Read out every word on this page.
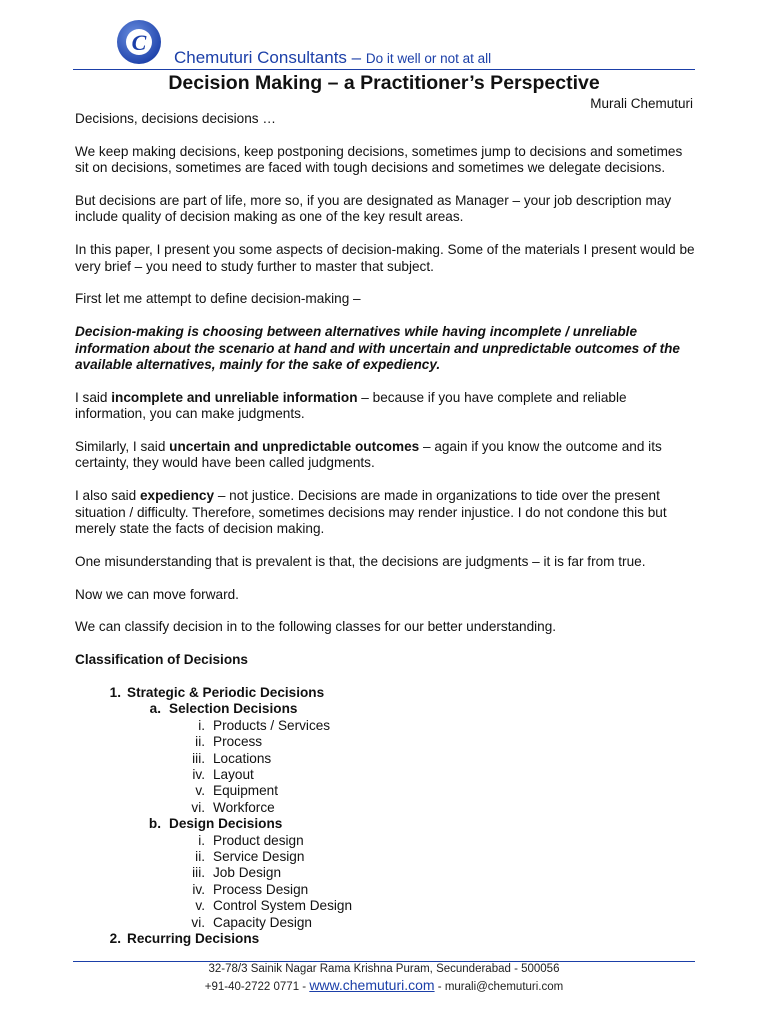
C
Chemuturi Consultants – Do it well or not at all
Decision Making – a Practitioner’s Perspective
Murali Chemuturi

Decisions, decisions decisions …

We keep making decisions, keep postponing decisions, sometimes jump to decisions and sometimes sit on decisions, sometimes are faced with tough decisions and sometimes we delegate decisions.

But decisions are part of life, more so, if you are designated as Manager – your job description may include quality of decision making as one of the key result areas.

In this paper, I present you some aspects of decision-making. Some of the materials I present would be very brief – you need to study further to master that subject.

First let me attempt to define decision-making –

Decision-making is choosing between alternatives while having incomplete / unreliable information about the scenario at hand and with uncertain and unpredictable outcomes of the available alternatives, mainly for the sake of expediency.

I said incomplete and unreliable information – because if you have complete and reliable information, you can make judgments.

Similarly, I said uncertain and unpredictable outcomes – again if you know the outcome and its certainty, they would have been called judgments.

I also said expediency – not justice. Decisions are made in organizations to tide over the present situation / difficulty. Therefore, sometimes decisions may render injustice. I do not condone this but merely state the facts of decision making.

One misunderstanding that is prevalent is that, the decisions are judgments – it is far from true.

Now we can move forward.

We can classify decision in to the following classes for our better understanding.

Classification of Decisions
1. Strategic & Periodic Decisions
a. Selection Decisions
i. Products / Services
ii. Process
iii. Locations
iv. Layout
v. Equipment
vi. Workforce
b. Design Decisions
i. Product design
ii. Service Design
iii. Job Design
iv. Process Design
v. Control System Design
vi. Capacity Design
2. Recurring Decisions
32-78/3 Sainik Nagar Rama Krishna Puram, Secunderabad - 500056
+91-40-2722 0771 - www.chemuturi.com - murali@chemuturi.com
